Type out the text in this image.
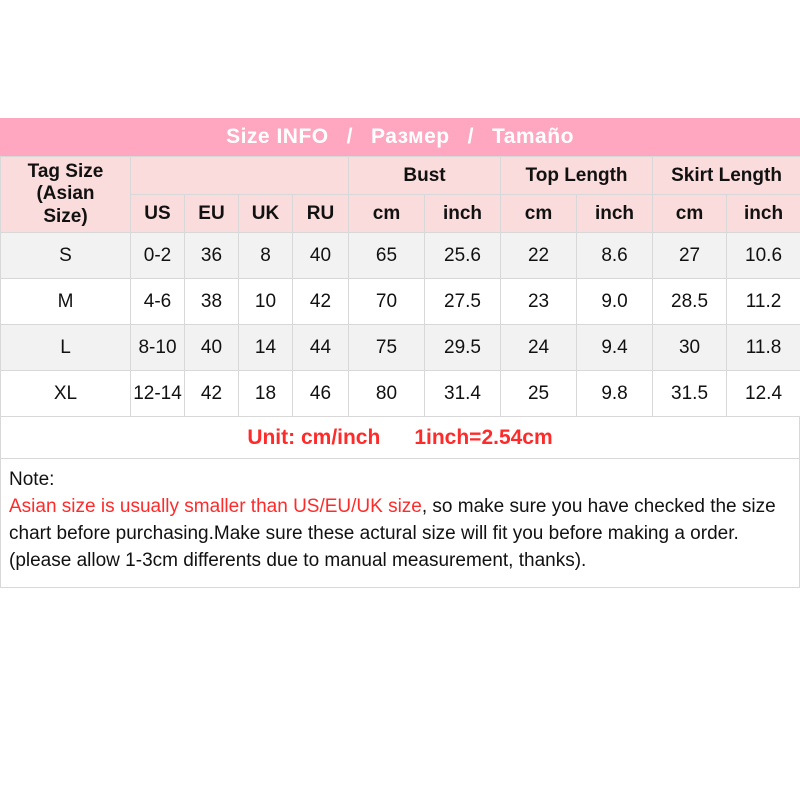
Size INFO / Размер / Tamaño
Tag Size
(Asian
Size)					Bust		Top Length		Skirt Length	
	US	EU	UK	RU	cm	inch	cm	inch	cm	inch
S	0-2	36	8	40	65	25.6	22	8.6	27	10.6
M	4-6	38	10	42	70	27.5	23	9.0	28.5	11.2
L	8-10	40	14	44	75	29.5	24	9.4	30	11.8
XL	12-14	42	18	46	80	31.4	25	9.8	31.5	12.4
Unit: cm/inch 1inch=2.54cm
Note:
Asian size is usually smaller than US/EU/UK size, so make sure you have checked the size chart before purchasing.Make sure these actural size will fit you before making a order.(please allow 1-3cm differents due to manual measurement, thanks).
